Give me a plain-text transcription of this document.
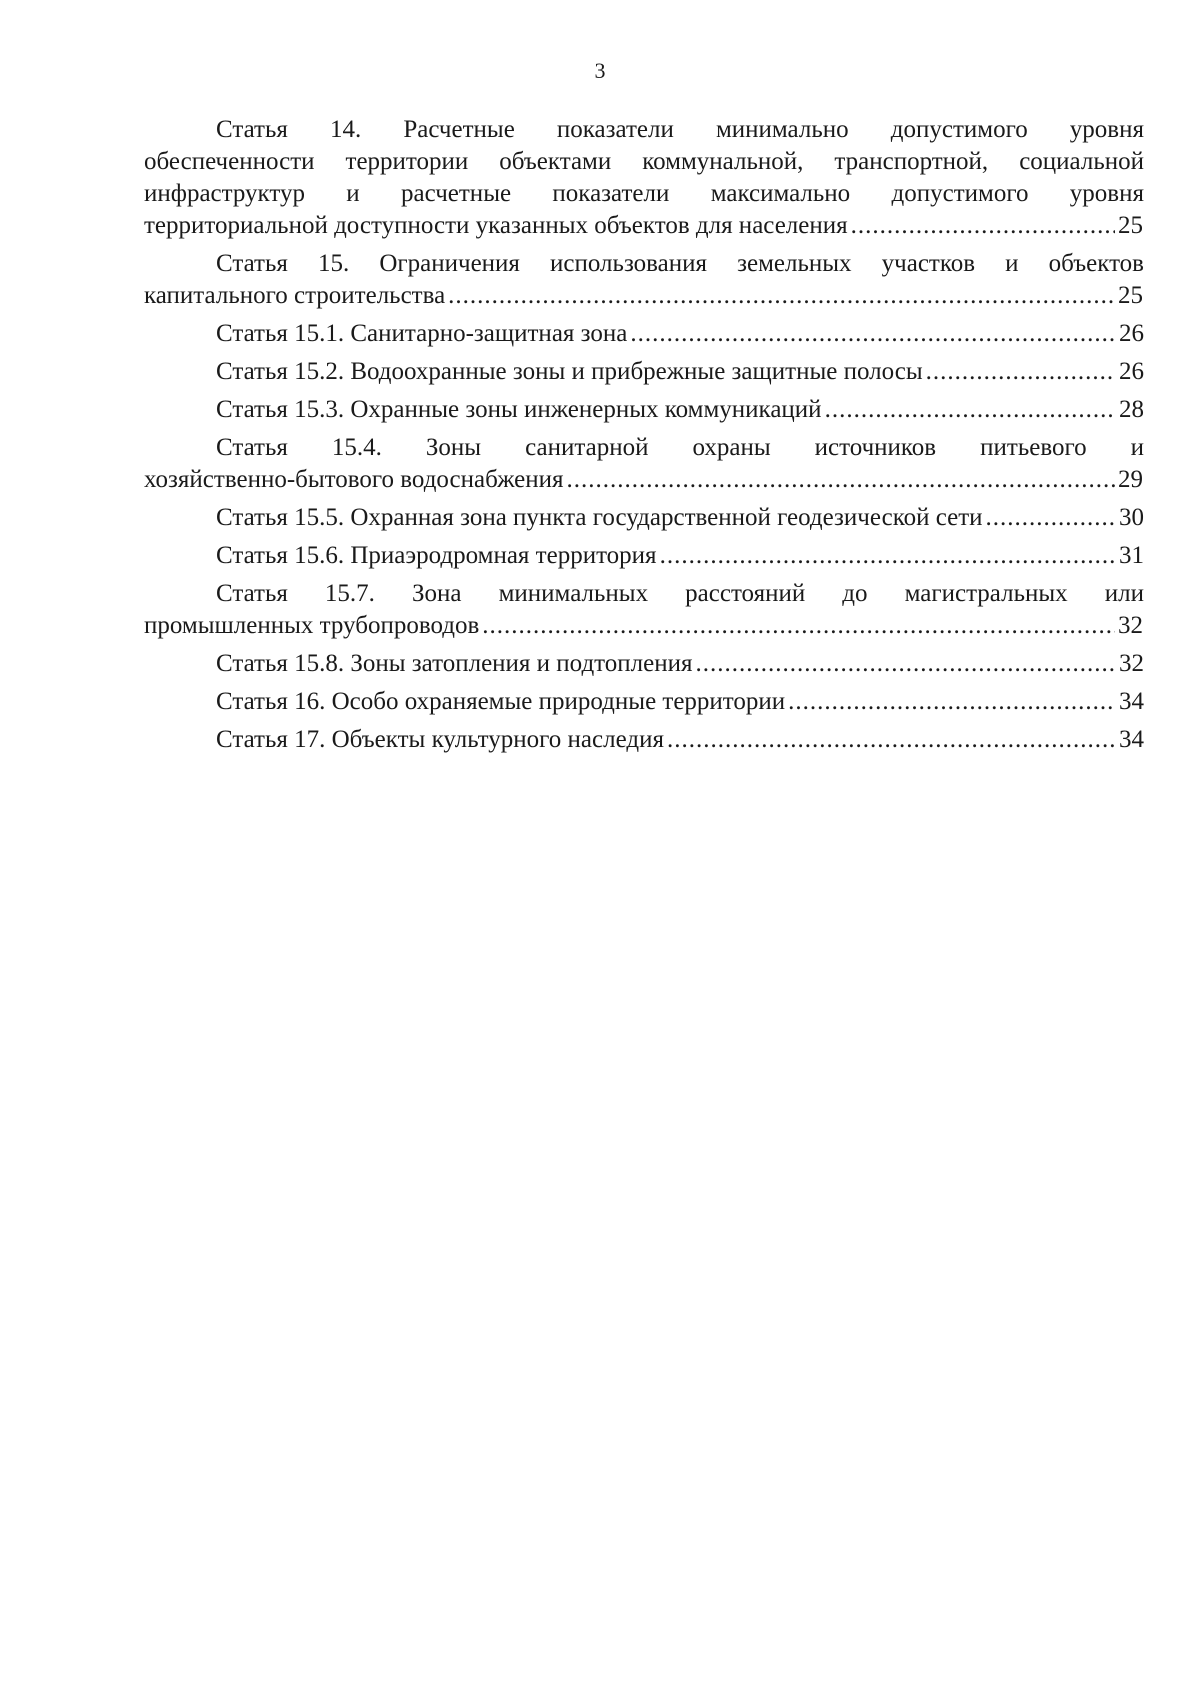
3
Статья 14. Расчетные показатели минимально допустимого уровня
обеспеченности территории объектами коммунальной, транспортной, социальной
инфраструктур и расчетные показатели максимально допустимого уровня
территориальной доступности указанных объектов для населения .....	25
Статья 15. Ограничения использования земельных участков и объектов
капитального строительства .....	25
Статья 15.1. Санитарно-защитная зона .....	26
Статья 15.2. Водоохранные зоны и прибрежные защитные полосы .....	26
Статья 15.3. Охранные зоны инженерных коммуникаций .....	28
Статья 15.4. Зоны санитарной охраны источников питьевого и
хозяйственно-бытового водоснабжения .....	29
Статья 15.5. Охранная зона пункта государственной геодезической сети .....	30
Статья 15.6. Приаэродромная территория .....	31
Статья 15.7. Зона минимальных расстояний до магистральных или
промышленных трубопроводов .....	32
Статья 15.8. Зоны затопления и подтопления .....	32
Статья 16. Особо охраняемые природные территории .....	34
Статья 17. Объекты культурного наследия .....	34
